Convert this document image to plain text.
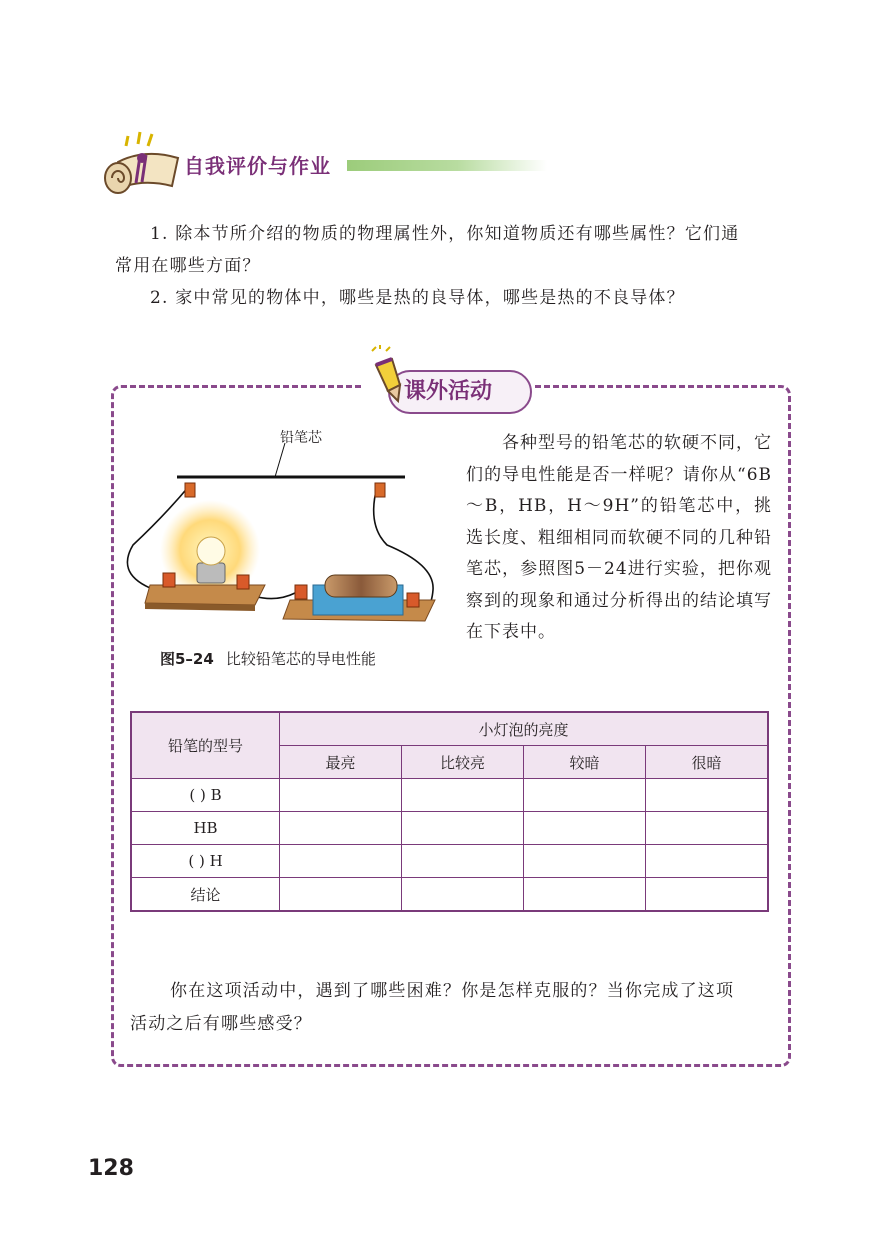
自我评价与作业
1. 除本节所介绍的物质的物理属性外，你知道物质还有哪些属性？它们通
常用在哪些方面？
2. 家中常见的物体中，哪些是热的良导体，哪些是热的不良导体？
课外活动
铅笔芯
图5–24 比较铅笔芯的导电性能
各种型号的铅笔芯的软硬不同，它们的导电性能是否一样呢？请你从“6B～B，HB，H～9H”的铅笔芯中，挑选长度、粗细相同而软硬不同的几种铅笔芯，参照图5－24进行实验，把你观察到的现象和通过分析得出的结论填写在下表中。
铅笔的型号	小灯泡的亮度			
	最亮	比较亮	较暗	很暗
( ) B				
HB				
( ) H				
结论				
你在这项活动中，遇到了哪些困难？你是怎样克服的？当你完成了这项
活动之后有哪些感受？
128
